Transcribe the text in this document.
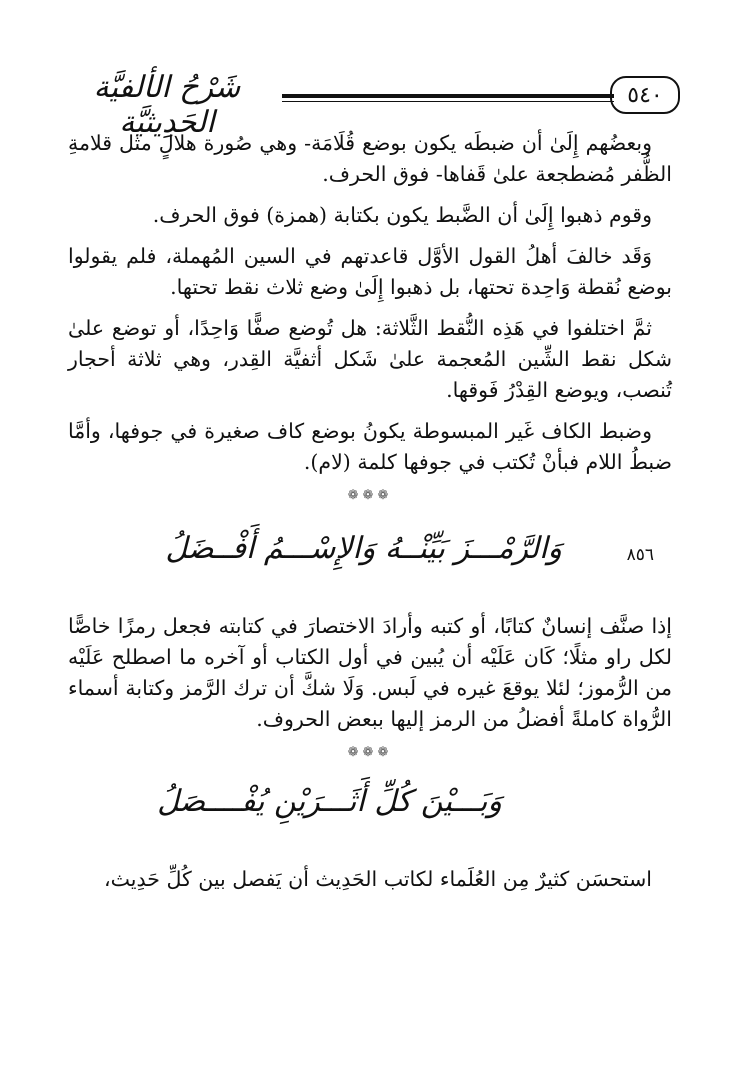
٥٤٠
شَرْحُ الألفيَّة الحَدِيثيَّة

وبعضُهم إِلَىٰ أن ضبطَه يكون بوضع قُلَامَة- وهي صُورة هلالٍ مثل قلامةِ الظُّفر مُضطجعة علىٰ قَفاها- فوق الحرف.

وقوم ذهبوا إِلَىٰ أن الضَّبط يكون بكتابة (همزة) فوق الحرف.

وَقَد خالفَ أهلُ القول الأوَّل قاعدتهم في السين المُهملة، فلم يقولوا بوضع نُقطة وَاحِدة تحتها، بل ذهبوا إِلَىٰ وضع ثلاث نقط تحتها.

ثمَّ اختلفوا في هَذِه النُّقط الثَّلاثة: هل تُوضع صفًّا وَاحِدًا، أو توضع علىٰ شكل نقط الشِّين المُعجمة علىٰ شَكل أثفيَّة القِدر، وهي ثلاثة أحجار تُنصب، ويوضع القِدْرُ فَوقها.

وضبط الكاف غَير المبسوطة يكونُ بوضع كاف صغيرة في جوفها، وأمَّا ضبطُ اللام فبأنْ تُكتب في جوفها كلمة (لام).

❁❁❁
٨٥٦
وَالرَّمْـــزَ بَيِّنْــهُ وَالإِسْـــمُ أَفْــضَلُ

إذا صنَّف إنسانٌ كتابًا، أو كتبه وأرادَ الاختصارَ في كتابته فجعل رمزًا خاصًّا لكل راو مثلًا؛ كَان عَلَيْه أن يُبين في أول الكتاب أو آخره ما اصطلح عَلَيْه من الرُّموز؛ لئلا يوقعَ غيره في لَبس. وَلَا شكَّ أن ترك الرَّمز وكتابة أسماء الرُّواة كاملةً أفضلُ من الرمز إليها ببعض الحروف.

❁❁❁
وَبَـــيْنَ كُلِّ أَثَـــرَيْنِ يُفْــــصَلُ

استحسَن كثيرٌ مِن العُلَماء لكاتب الحَدِيث أن يَفصل بين كُلِّ حَدِيث،
